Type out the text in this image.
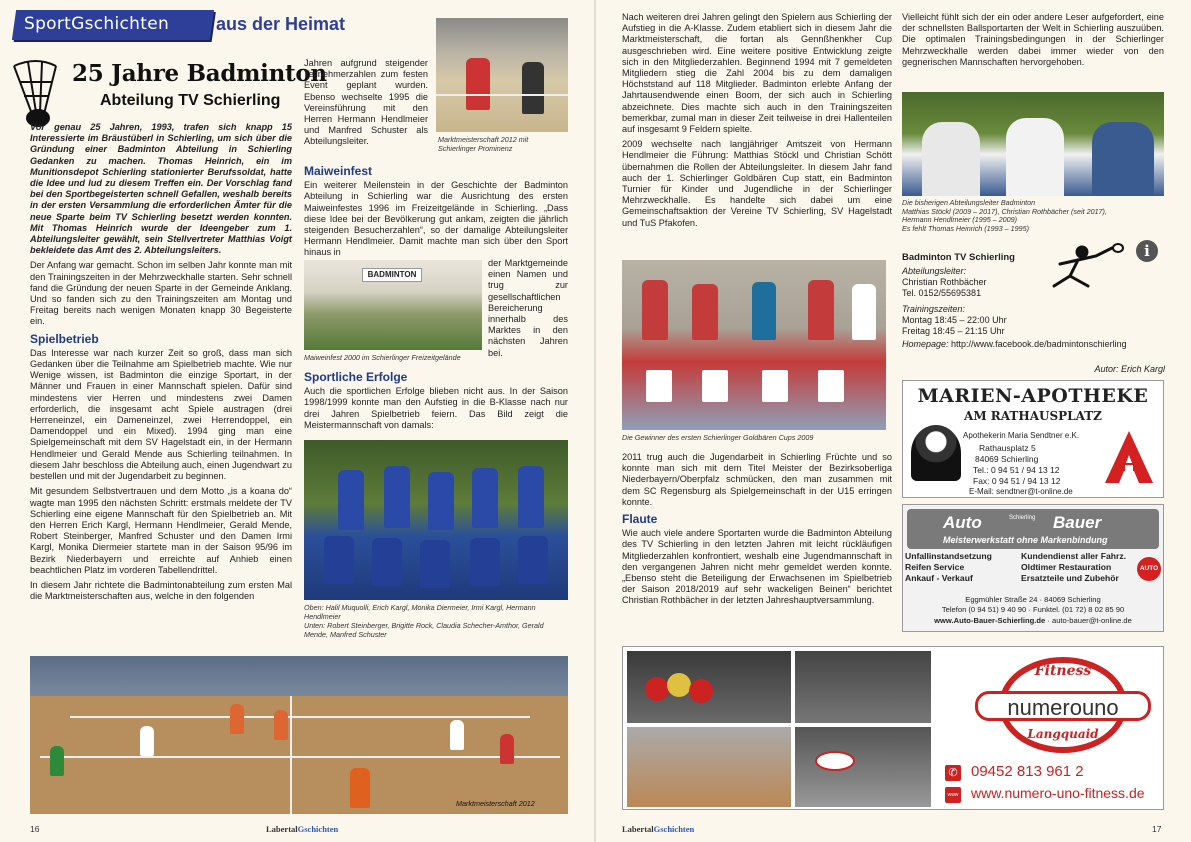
SportGschichten	aus der Heimat
25 Jahre Badminton
Abteilung TV Schierling

Vor genau 25 Jahren, 1993, trafen sich knapp 15 Interessierte im Bräustüberl in Schierling, um sich über die Gründung einer Badminton Abteilung in Schierling Gedanken zu machen. Thomas Heinrich, ein im Munitionsdepot Schierling stationierter Berufssoldat, hatte die Idee und lud zu diesem Treffen ein. Der Vorschlag fand bei den Sportbegeisterten schnell Gefallen, weshalb bereits in der ersten Versammlung die erforderlichen Ämter für die neue Sparte beim TV Schierling besetzt werden konnten. Mit Thomas Heinrich wurde der Ideengeber zum 1. Abteilungsleiter gewählt, sein Stellvertreter Matthias Voigt bekleidete das Amt des 2. Abteilungsleiters.

Der Anfang war gemacht. Schon im selben Jahr konnte man mit den Trainingszeiten in der Mehrzweckhalle starten. Sehr schnell fand die Gründung der neuen Sparte in der Gemeinde Anklang. Und so fanden sich zu den Trainingszeiten am Montag und Freitag bereits nach wenigen Monaten knapp 30 Begeisterte ein.

Spielbetrieb

Das Interesse war nach kurzer Zeit so groß, dass man sich Gedanken über die Teilnahme am Spielbetrieb machte. Wie nur Wenige wissen, ist Badminton die einzige Sportart, in der Männer und Frauen in einer Mannschaft spielen. Dafür sind mindestens vier Herren und mindestens zwei Damen erforderlich, die insgesamt acht Spiele austragen (drei Herreneinzel, ein Dameneinzel, zwei Herrendoppel, ein Damendoppel und ein Mixed). 1994 ging man eine Spielgemeinschaft mit dem SV Hagelstadt ein, in der Hermann Hendlmeier und Gerald Mende aus Schierling teilnahmen. In diesem Jahr beschloss die Abteilung auch, einen Jugendwart zu bestellen und mit der Jugendarbeit zu beginnen.

Mit gesundem Selbstvertrauen und dem Motto „is a koana do“ wagte man 1995 den nächsten Schritt: erstmals meldete der TV Schierling eine eigene Mannschaft für den Spielbetrieb an. Mit den Herren Erich Kargl, Hermann Hendlmeier, Gerald Mende, Robert Steinberger, Manfred Schuster und den Damen Irmi Kargl, Monika Diermeier startete man in der Saison 95/96 im Bezirk Niederbayern und erreichte auf Anhieb einen beachtlichen Platz im vorderen Tabellendrittel.

In diesem Jahr richtete die Badmintonabteilung zum ersten Mal die Marktmeisterschaften aus, welche in den folgenden

Jahren aufgrund steigender Teilnehmerzahlen zum festen Event geplant wurden. Ebenso wechselte 1995 die Vereinsführung mit den Herren Hermann Hendlmeier und Manfred Schuster als Abteilungsleiter.	Marktmeisterschaft 2012 mit Schierlinger Prominenz
Maiweinfest

Ein weiterer Meilenstein in der Geschichte der Badminton Abteilung in Schierling war die Ausrichtung des ersten Maiweinfestes 1996 im Freizeitgelände in Schierling. „Dass diese Idee bei der Bevölkerung gut ankam, zeigten die jährlich steigenden Besucherzahlen“, so der damalige Abteilungsleiter Hermann Hendlmeier. Damit machte man sich über den Sport hinaus in

BADMINTON
Maiweinfest 2000 im Schierlinger Freizeitgelände

der Marktgemeinde einen Namen und trug zur gesellschaftlichen Bereicherung innerhalb des Marktes in den nächsten Jahren bei.

Sportliche Erfolge

Auch die sportlichen Erfolge blieben nicht aus. In der Saison 1998/1999 konnte man den Aufstieg in die B-Klasse nach nur drei Jahren Spielbetrieb feiern. Das Bild zeigt die Meistermannschaft von damals:

Oben: Halil Muquolli, Erich Kargl, Monika Diermeier, Irmi Kargl, Hermann Hendlmeier
Unten: Robert Steinberger, Brigitte Rock, Claudia Schecher-Amthor, Gerald Mende, Manfred Schuster
Marktmeisterschaft 2012
16	LabertalGschichten

Nach weiteren drei Jahren gelingt den Spielern aus Schierling der Aufstieg in die A-Klasse. Zudem etabliert sich in diesem Jahr die Marktmeisterschaft, die fortan als Gennßhenkher Cup ausgeschrieben wird. Eine weitere positive Entwicklung zeigte sich in den Mitgliederzahlen. Beginnend 1994 mit 7 gemeldeten Mitgliedern stieg die Zahl 2004 bis zu dem damaligen Höchststand auf 118 Mitglieder. Badminton erlebte Anfang der Jahrtausendwende einen Boom, der sich auch in Schierling abzeichnete. Dies machte sich auch in den Trainingszeiten bemerkbar, zumal man in dieser Zeit teilweise in drei Hallenteilen auf insgesamt 9 Feldern spielte.

2009 wechselte nach langjähriger Amtszeit von Hermann Hendlmeier die Führung: Matthias Stöckl und Christian Schött übernahmen die Rollen der Abteilungsleiter. In diesem Jahr fand auch der 1. Schierlinger Goldbären Cup statt, ein Badminton Turnier für Kinder und Jugendliche in der Schierlinger Mehrzweckhalle. Es handelte sich dabei um eine Gemeinschaftsaktion der Vereine TV Schierling, SV Hagelstadt und TuS Pfakofen.

Die Gewinner des ersten Schierlinger Goldbären Cups 2009

2011 trug auch die Jugendarbeit in Schierling Früchte und so konnte man sich mit dem Titel Meister der Bezirksoberliga Niederbayern/Oberpfalz schmücken, den man zusammen mit dem SC Regensburg als Spielgemeinschaft in der U15 erringen konnte.

Flaute

Wie auch viele andere Sportarten wurde die Badminton Abteilung des TV Schierling in den letzten Jahren mit leicht rückläufigen Mitgliederzahlen konfrontiert, weshalb eine Jugendmannschaft in den vergangenen Jahren nicht mehr gemeldet werden konnte. „Ebenso steht die Beteiligung der Erwachsenen im Spielbetrieb der Saison 2018/2019 auf sehr wackeligen Beinen“ berichtet Christian Rothbächer in der letzten Jahreshauptversammlung.

Vielleicht fühlt sich der ein oder andere Leser aufgefordert, eine der schnellsten Ballsportarten der Welt in Schierling auszuüben. Die optimalen Trainingsbedingungen in der Schierlinger Mehrzweckhalle werden dabei immer wieder von den gegnerischen Mannschaften hervorgehoben.

Die bisherigen Abteilungsleiter Badminton
Matthias Stöckl (2009 – 2017), Christian Rothbächer (seit 2017),
Hermann Hendlmeier (1995 – 2009)
Es fehlt Thomas Heinrich (1993 – 1995)
i
Badminton TV Schierling
Abteilungsleiter:
Christian Rothbächer
Tel. 0152/55695381
Trainingszeiten:
Montag 18:45 – 22:00 Uhr
Freitag 18:45 – 21:15 Uhr
Homepage: http://www.facebook.de/badmintonschierling
Autor: Erich Kargl
MARIEN-APOTHEKE
AM RATHAUSPLATZ
Apothekerin Maria Sendtner e.K.
Rathausplatz 5
84069 Schierling
Tel.: 0 94 51 / 94 13 12
Fax: 0 94 51 / 94 13 12
E-Mail: sendtner@t-online.de
Auto	Schierling Bauer
Meisterwerkstatt ohne Markenbindung
Unfallinstandsetzung
Reifen Service
Ankauf - Verkauf
Kundendienst aller Fahrz.
Oldtimer Restauration
Ersatzteile und Zubehör
AUTO
Eggmühler Straße 24 · 84069 Schierling
Telefon (0 94 51) 9 40 90 · Funktel. (01 72) 8 02 85 90
www.Auto-Bauer-Schierling.de · auto-bauer@t-online.de
Fitness
numerouno
Langquaid
✆
www
09452 813 961 2
www.numero-uno-fitness.de
LabertalGschichten	17
